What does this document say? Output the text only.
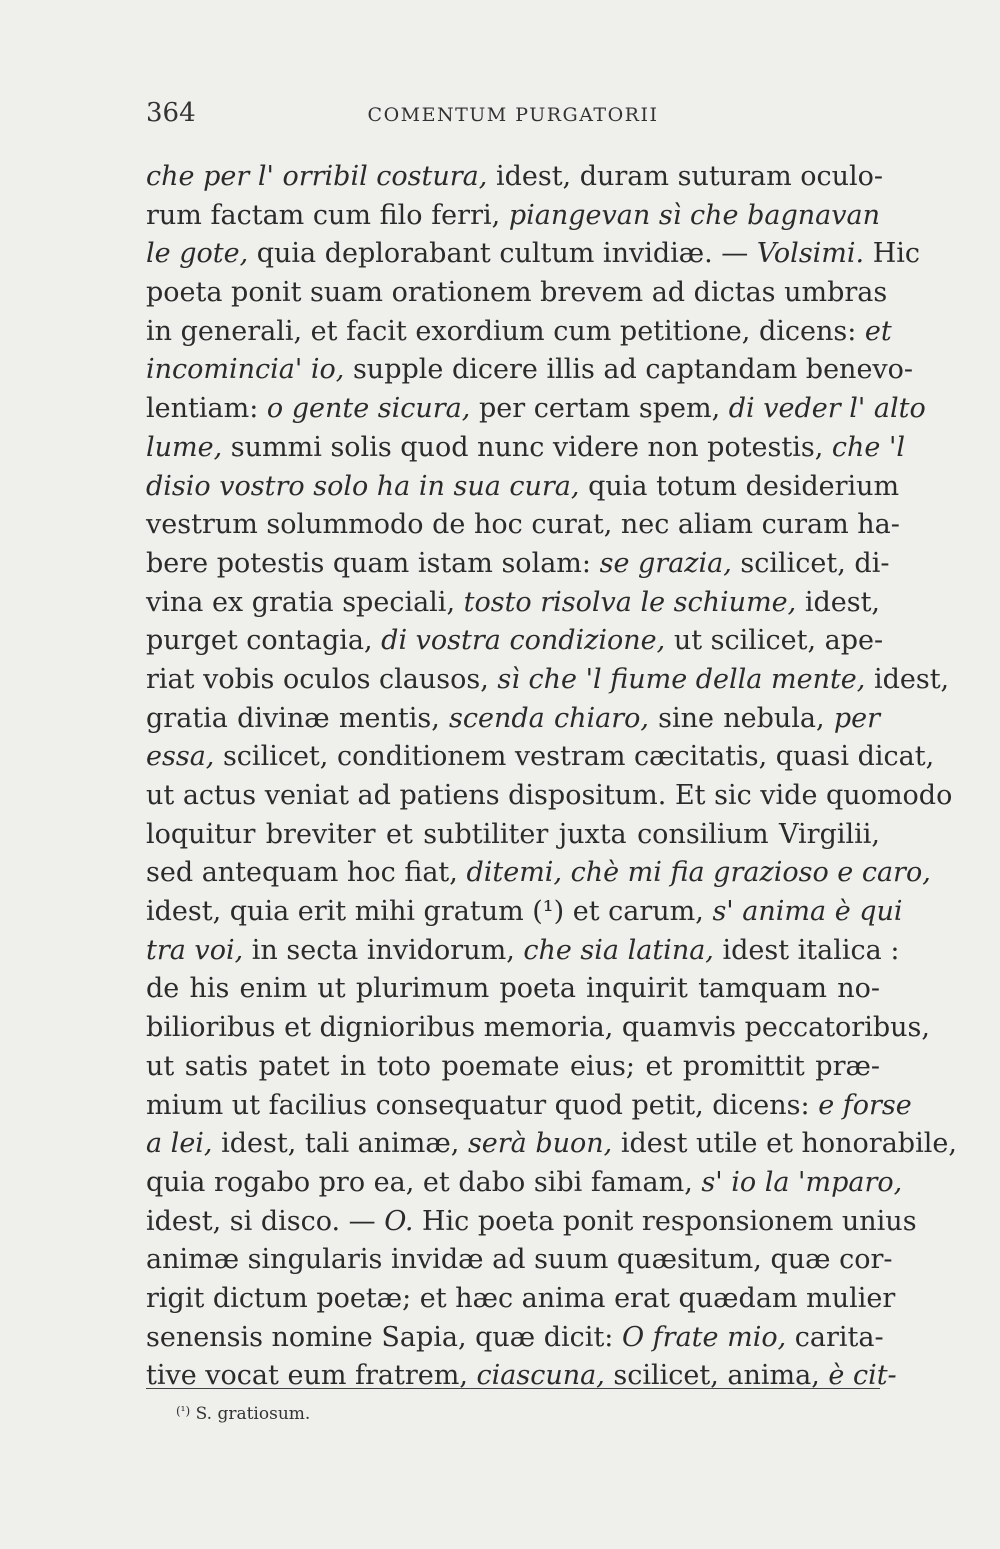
364	COMENTUM PURGATORII
che per l' orribil costura, idest, duram suturam oculo-
rum factam cum filo ferri, piangevan sì che bagnavan
le gote, quia deplorabant cultum invidiæ. — Volsimi. Hic
poeta ponit suam orationem brevem ad dictas umbras
in generali, et facit exordium cum petitione, dicens: et
incomincia' io, supple dicere illis ad captandam benevo-
lentiam: o gente sicura, per certam spem, di veder l' alto
lume, summi solis quod nunc videre non potestis, che 'l
disio vostro solo ha in sua cura, quia totum desiderium
vestrum solummodo de hoc curat, nec aliam curam ha-
bere potestis quam istam solam: se grazia, scilicet, di-
vina ex gratia speciali, tosto risolva le schiume, idest,
purget contagia, di vostra condizione, ut scilicet, ape-
riat vobis oculos clausos, sì che 'l fiume della mente, idest,
gratia divinæ mentis, scenda chiaro, sine nebula, per
essa, scilicet, conditionem vestram cæcitatis, quasi dicat,
ut actus veniat ad patiens dispositum. Et sic vide quomodo
loquitur breviter et subtiliter juxta consilium Virgilii,
sed antequam hoc fiat, ditemi, chè mi fia grazioso e caro,
idest, quia erit mihi gratum (¹) et carum, s' anima è qui
tra voi, in secta invidorum, che sia latina, idest italica :
de his enim ut plurimum poeta inquirit tamquam no-
bilioribus et dignioribus memoria, quamvis peccatoribus,
ut satis patet in toto poemate eius; et promittit præ-
mium ut facilius consequatur quod petit, dicens: e forse
a lei, idest, tali animæ, serà buon, idest utile et honorabile,
quia rogabo pro ea, et dabo sibi famam, s' io la 'mparo,
idest, si disco. — O. Hic poeta ponit responsionem unius
animæ singularis invidæ ad suum quæsitum, quæ cor-
rigit dictum poetæ; et hæc anima erat quædam mulier
senensis nomine Sapia, quæ dicit: O frate mio, carita-
tive vocat eum fratrem, ciascuna, scilicet, anima, è cit-
$^{(^1)}$ S. gratiosum.
